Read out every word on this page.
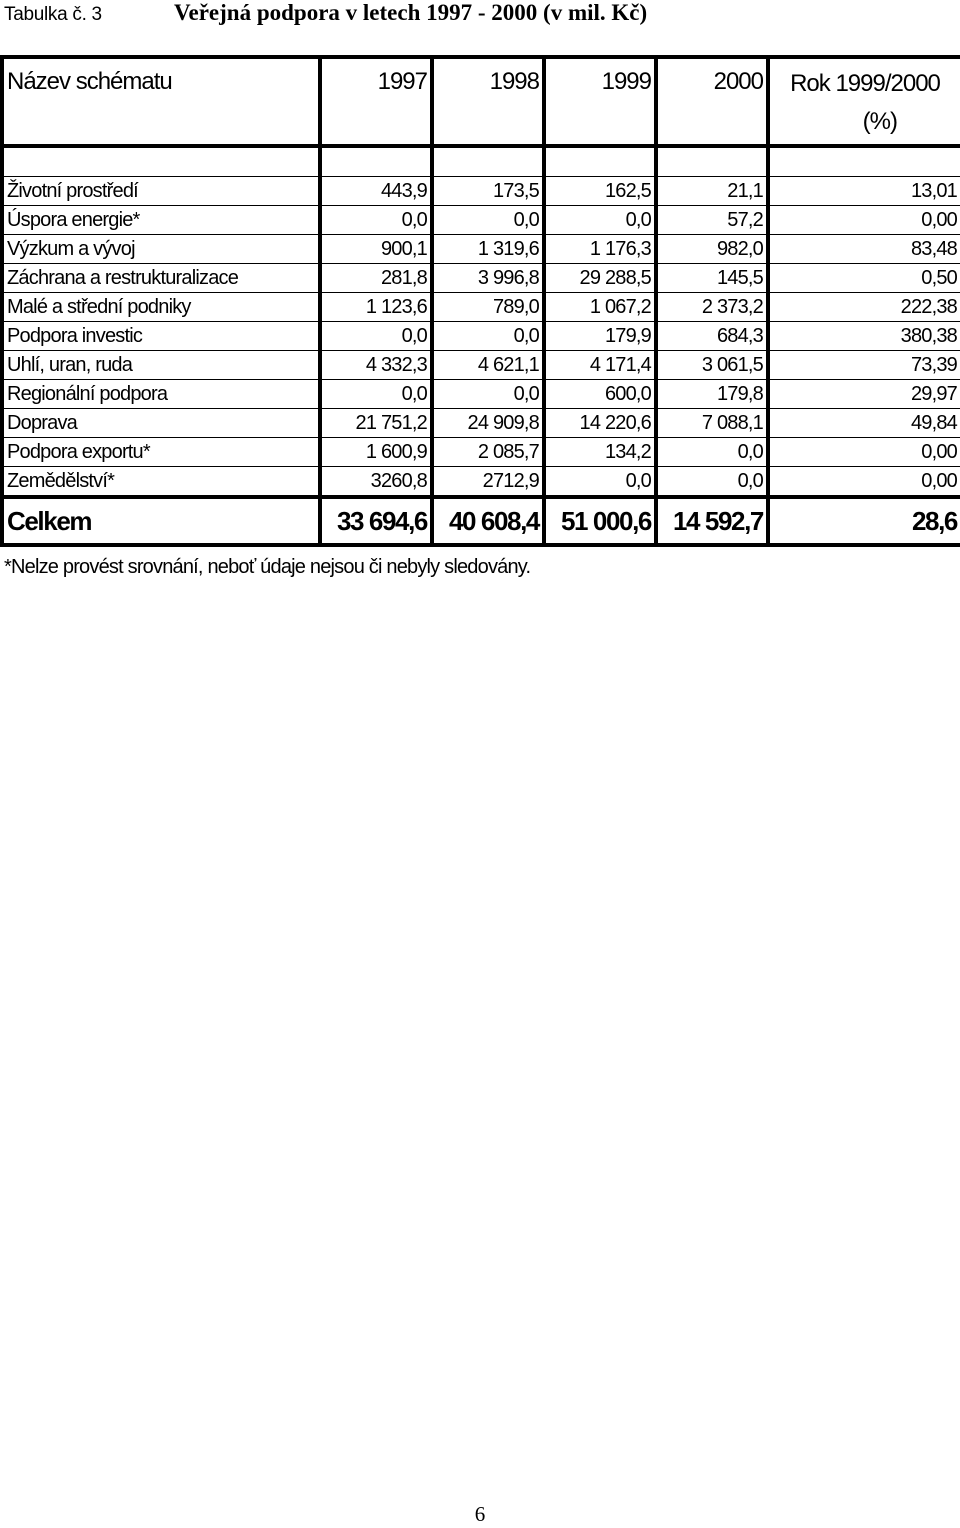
Tabulka č. 3	Veřejná podpora v letech 1997 - 2000 (v mil. Kč)
Název schématu	1997	1998	1999	2000	Rok 1999/2000

(%)

Životní prostředí	443,9	173,5	162,5	21,1	13,01
Úspora energie*	0,0	0,0	0,0	57,2	0,00
Výzkum a vývoj	900,1	1 319,6	1 176,3	982,0	83,48
Záchrana a restrukturalizace	281,8	3 996,8	29 288,5	145,5	0,50
Malé a střední podniky	1 123,6	789,0	1 067,2	2 373,2	222,38
Podpora investic	0,0	0,0	179,9	684,3	380,38
Uhlí, uran, ruda	4 332,3	4 621,1	4 171,4	3 061,5	73,39
Regionální podpora	0,0	0,0	600,0	179,8	29,97
Doprava	21 751,2	24 909,8	14 220,6	7 088,1	49,84
Podpora exportu*	1 600,9	2 085,7	134,2	0,0	0,00
Zemědělství*	3260,8	2712,9	0,0	0,0	0,00
Celkem	33 694,6	40 608,4	51 000,6	14 592,7	28,6
*Nelze provést srovnání, neboť údaje nejsou či nebyly sledovány.
6
